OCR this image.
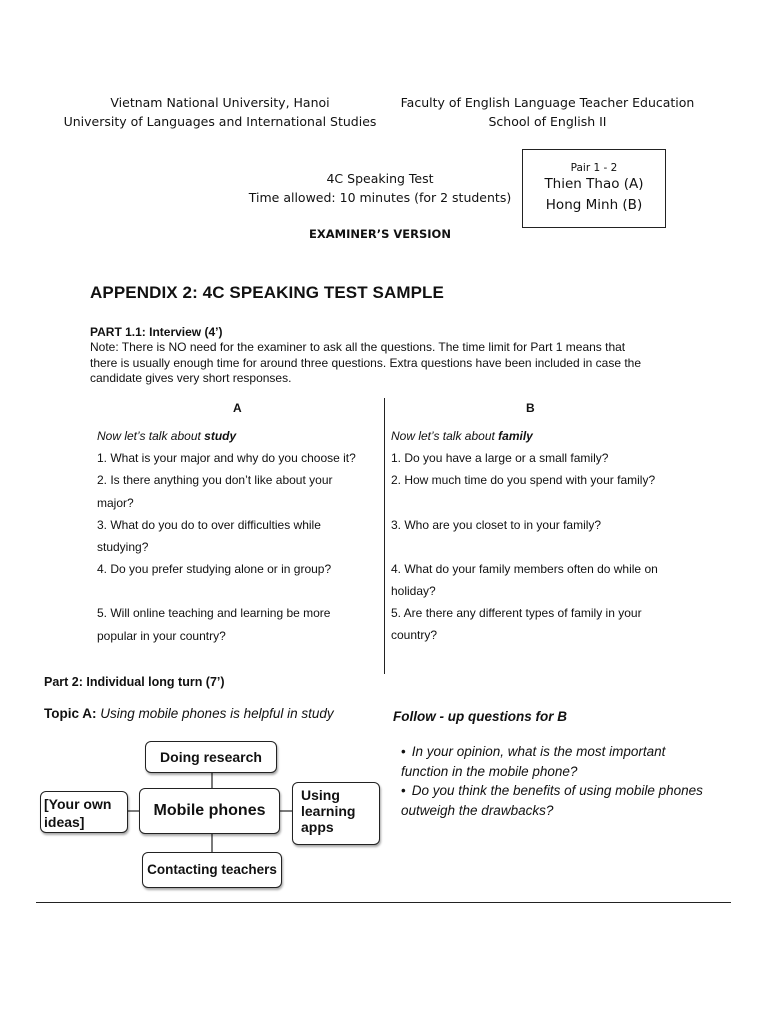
Vietnam National University, Hanoi
University of Languages and International Studies
Faculty of English Language Teacher Education
School of English II
4C Speaking Test
Time allowed: 10 minutes (for 2 students)
EXAMINER’S VERSION
Pair 1 - 2
Thien Thao (A)
Hong Minh (B)
APPENDIX 2: 4C SPEAKING TEST SAMPLE
PART 1.1: Interview (4’)
Note: There is NO need for the examiner to ask all the questions. The time limit for Part 1 means that
there is usually enough time for around three questions. Extra questions have been included in case the
candidate gives very short responses.
A	B

Now let’s talk about study

1. What is your major and why do you choose it?

2. Is there anything you don’t like about your

major?

3. What do you do to over difficulties while

studying?

4. Do you prefer studying alone or in group?

5. Will online teaching and learning be more

popular in your country?

Now let’s talk about family

1. Do you have a large or a small family?

2. How much time do you spend with your family?

3. Who are you closet to in your family?

4. What do your family members often do while on

holiday?

5. Are there any different types of family in your

country?

Part 2: Individual long turn (7’)
Topic A: Using mobile phones is helpful in study
Doing research
Mobile phones
[Your own
ideas]
Using
learning
apps
Contacting teachers
Follow - up questions for B
• In your opinion, what is the most important
function in the mobile phone?
• Do you think the benefits of using mobile phones
outweigh the drawbacks?
